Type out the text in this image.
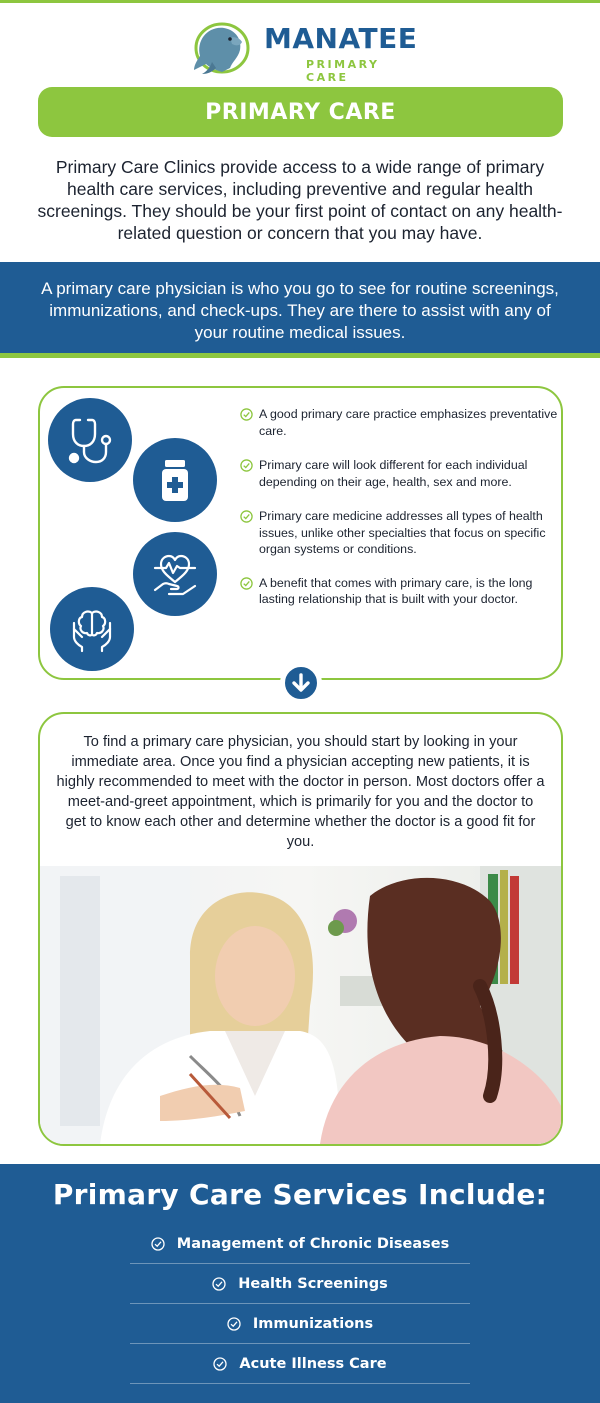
MANATEE
PRIMARY CARE
PRIMARY CARE

Primary Care Clinics provide access to a wide range of primary health care services, including preventive and regular health screenings. They should be your first point of contact on any health-related question or concern that you may have.

A primary care physician is who you go to see for routine screenings, immunizations, and check-ups. They are there to assist with any of your routine medical issues.

A good primary care practice emphasizes preventative care.
Primary care will look different for each individual depending on their age, health, sex and more.
Primary care medicine addresses all types of health issues, unlike other specialties that focus on specific organ systems or conditions.
A benefit that comes with primary care, is the long lasting relationship that is built with your doctor.

To find a primary care physician, you should start by looking in your immediate area. Once you find a physician accepting new patients, it is highly recommended to meet with the doctor in person. Most doctors offer a meet-and-greet appointment, which is primarily for you and the doctor to get to know each other and determine whether the doctor is a good fit for you.

Primary Care Services Include:
Management of Chronic Diseases
Health Screenings
Immunizations
Acute Illness Care
